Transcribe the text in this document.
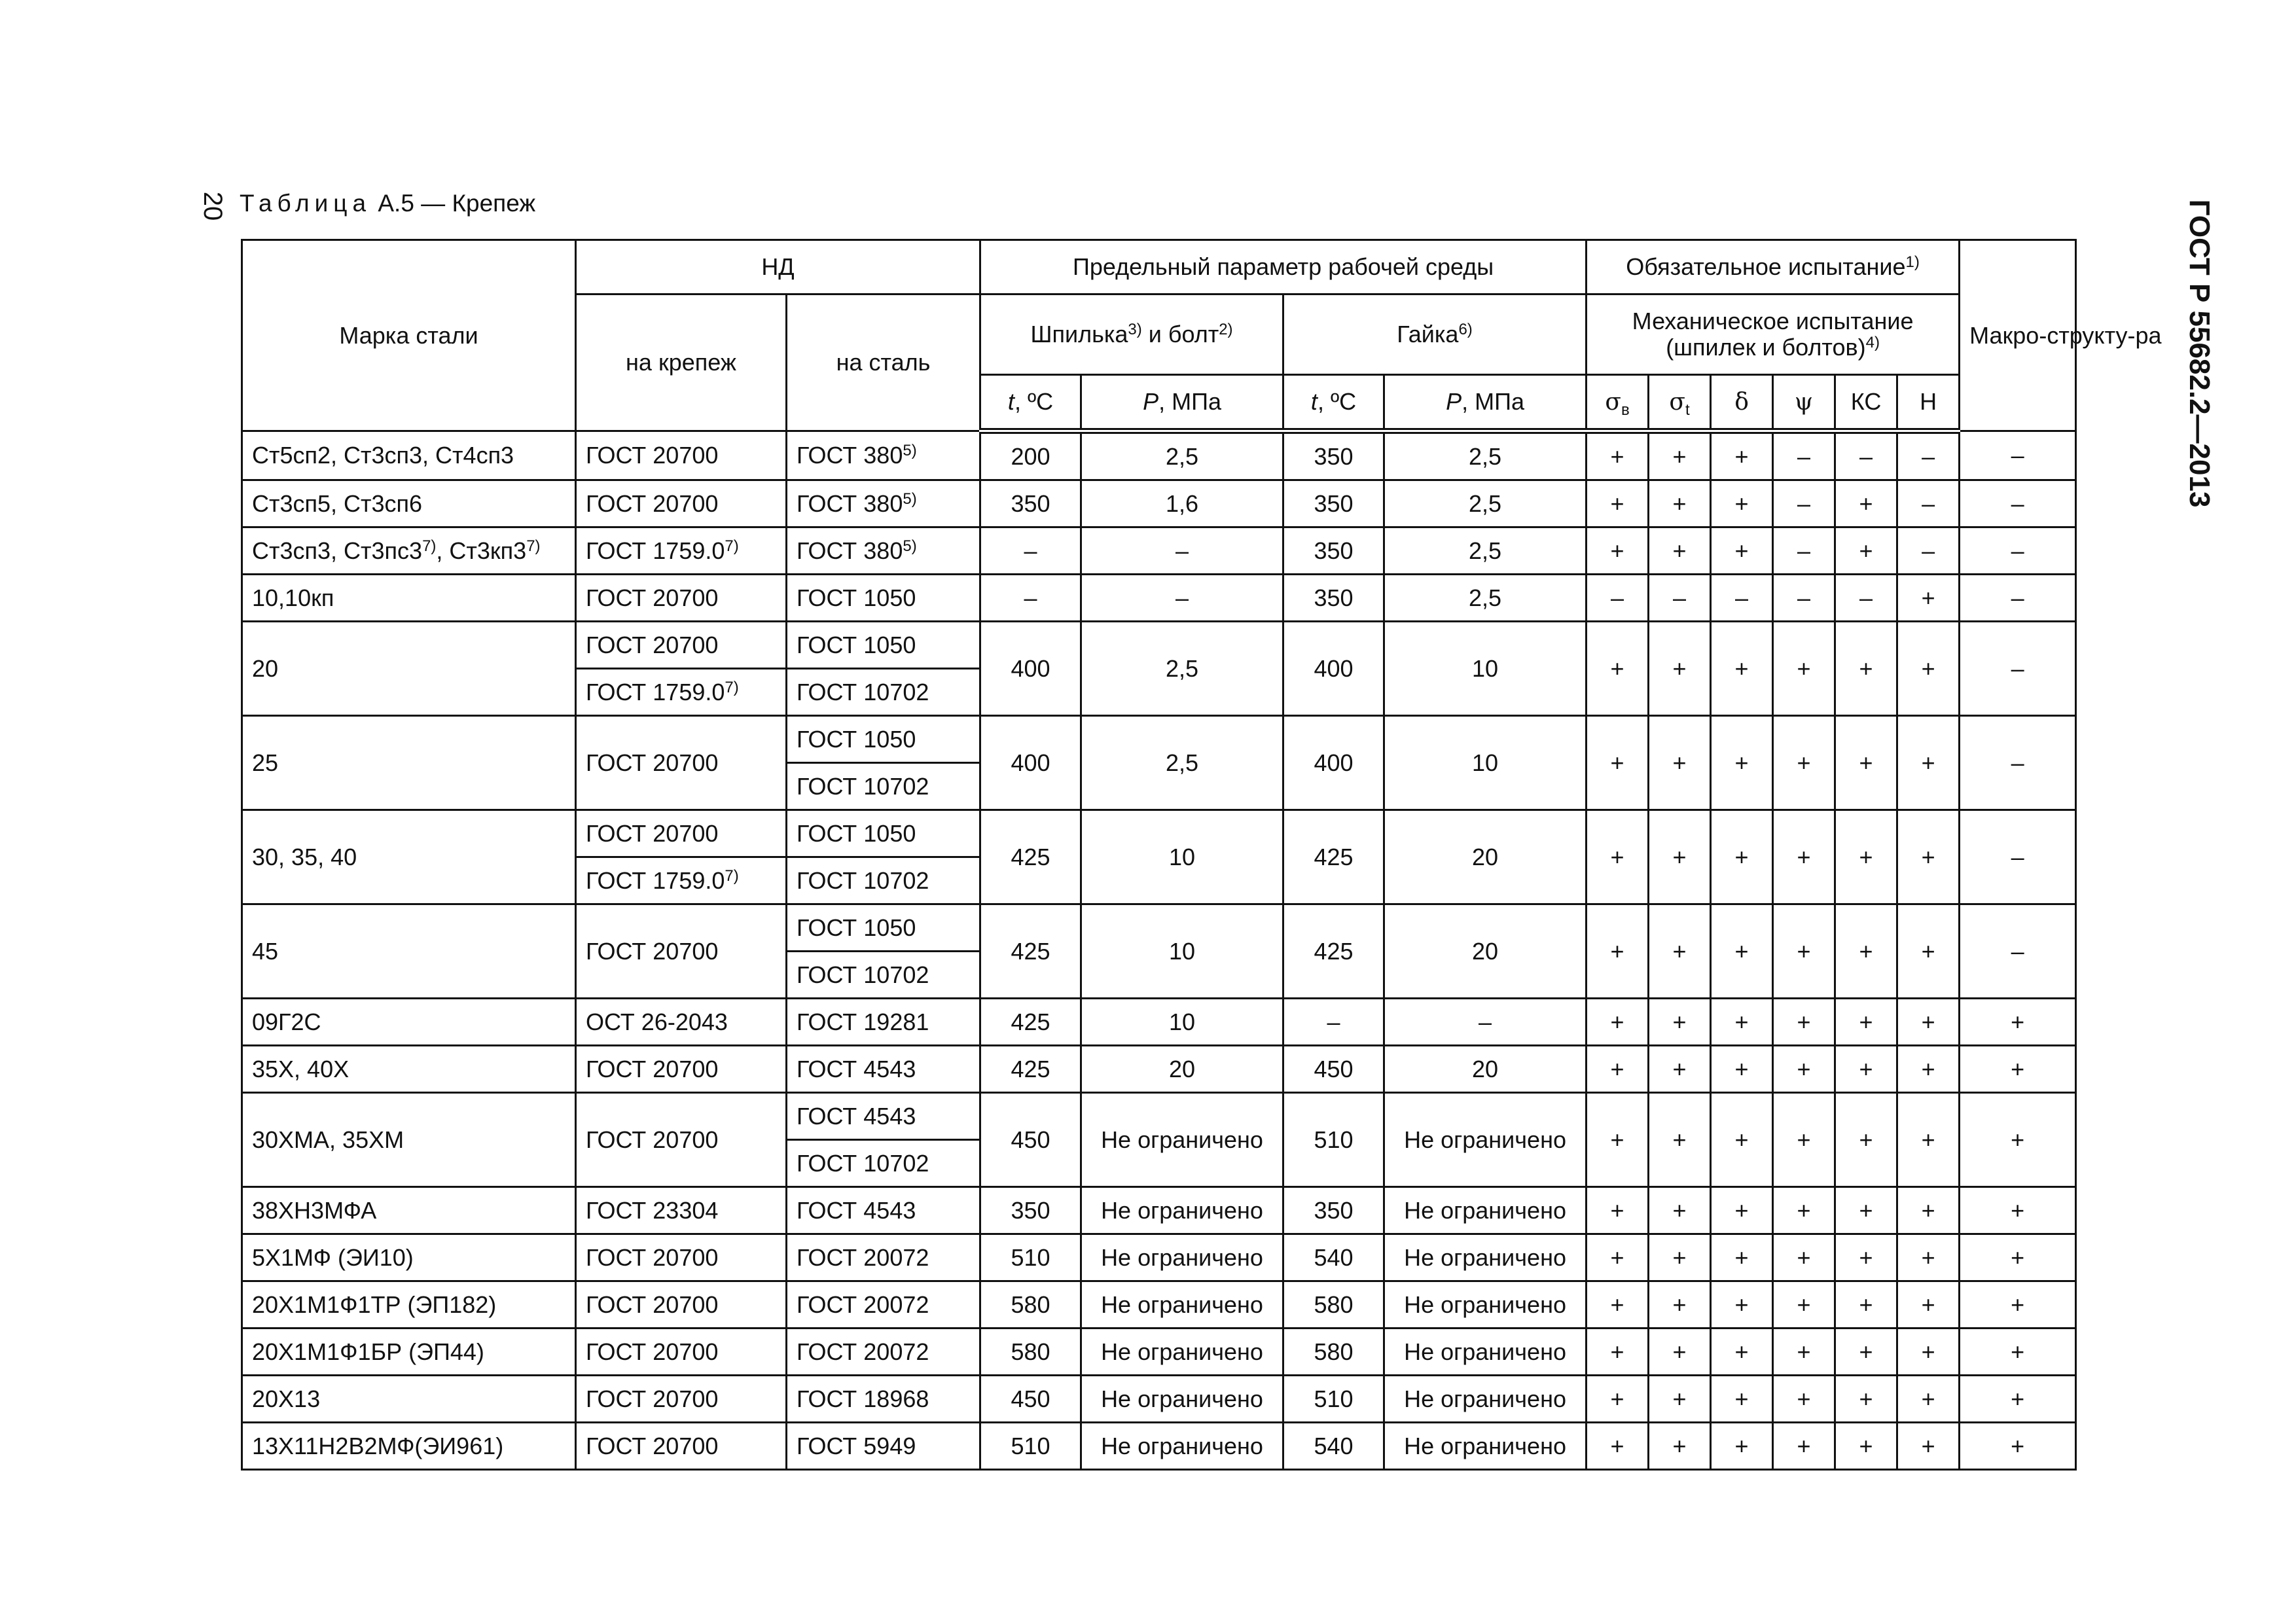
20 Таблица А.5 — Крепеж	ГОСТ Р 55682.2—2013
Марка стали	НД		Предельный параметр рабочей среды				Обязательное испытание$^{1)}$						Макро-структу-ра
	на крепеж	на сталь	Шпилька$^{3)}$ и болт$^{2)}$		Гайка$^{6)}$		Механическое испытание
(шпилек и болтов)$^{4)}$
			t, ºС	P, МПа	t, ºС	P, МПа	$\sigma_в$	$\sigma_t$	δ	ψ	КС	Н	
Ст5сп2, Ст3сп3, Ст4сп3	ГОСТ 20700	ГОСТ 380$^{5)}$	200	2,5	350	2,5	+	+	+	–	–	–	–
Ст3сп5, Ст3сп6	ГОСТ 20700	ГОСТ 380$^{5)}$	350	1,6	350	2,5	+	+	+	–	+	–	–
Ст3сп3, Ст3пс3$^{7)}$, Ст3кп3$^{7)}$	ГОСТ 1759.0$^{7)}$	ГОСТ 380$^{5)}$	–	–	350	2,5	+	+	+	–	+	–	–
10,10кп	ГОСТ 20700	ГОСТ 1050	–	–	350	2,5	–	–	–	–	–	+	–
20	ГОСТ 20700	ГОСТ 1050	400	2,5	400	10	+	+	+	+	+	+	–
	ГОСТ 1759.0$^{7)}$	ГОСТ 10702											
25	ГОСТ 20700	ГОСТ 1050	400	2,5	400	10	+	+	+	+	+	+	–
		ГОСТ 10702											
30, 35, 40	ГОСТ 20700	ГОСТ 1050	425	10	425	20	+	+	+	+	+	+	–
	ГОСТ 1759.0$^{7)}$	ГОСТ 10702											
45	ГОСТ 20700	ГОСТ 1050	425	10	425	20	+	+	+	+	+	+	–
		ГОСТ 10702											
09Г2С	ОСТ 26-2043	ГОСТ 19281	425	10	–	–	+	+	+	+	+	+	+
35Х, 40Х	ГОСТ 20700	ГОСТ 4543	425	20	450	20	+	+	+	+	+	+	+
30ХМА, 35ХМ	ГОСТ 20700	ГОСТ 4543	450	Не ограничено	510	Не ограничено	+	+	+	+	+	+	+
		ГОСТ 10702											
38ХН3МФА	ГОСТ 23304	ГОСТ 4543	350	Не ограничено	350	Не ограничено	+	+	+	+	+	+	+
5Х1МФ (ЭИ10)	ГОСТ 20700	ГОСТ 20072	510	Не ограничено	540	Не ограничено	+	+	+	+	+	+	+
20Х1М1Ф1ТР (ЭП182)	ГОСТ 20700	ГОСТ 20072	580	Не ограничено	580	Не ограничено	+	+	+	+	+	+	+
20Х1М1Ф1БР (ЭП44)	ГОСТ 20700	ГОСТ 20072	580	Не ограничено	580	Не ограничено	+	+	+	+	+	+	+
20Х13	ГОСТ 20700	ГОСТ 18968	450	Не ограничено	510	Не ограничено	+	+	+	+	+	+	+
13Х11Н2В2МФ(ЭИ961)	ГОСТ 20700	ГОСТ 5949	510	Не ограничено	540	Не ограничено	+	+	+	+	+	+	+
